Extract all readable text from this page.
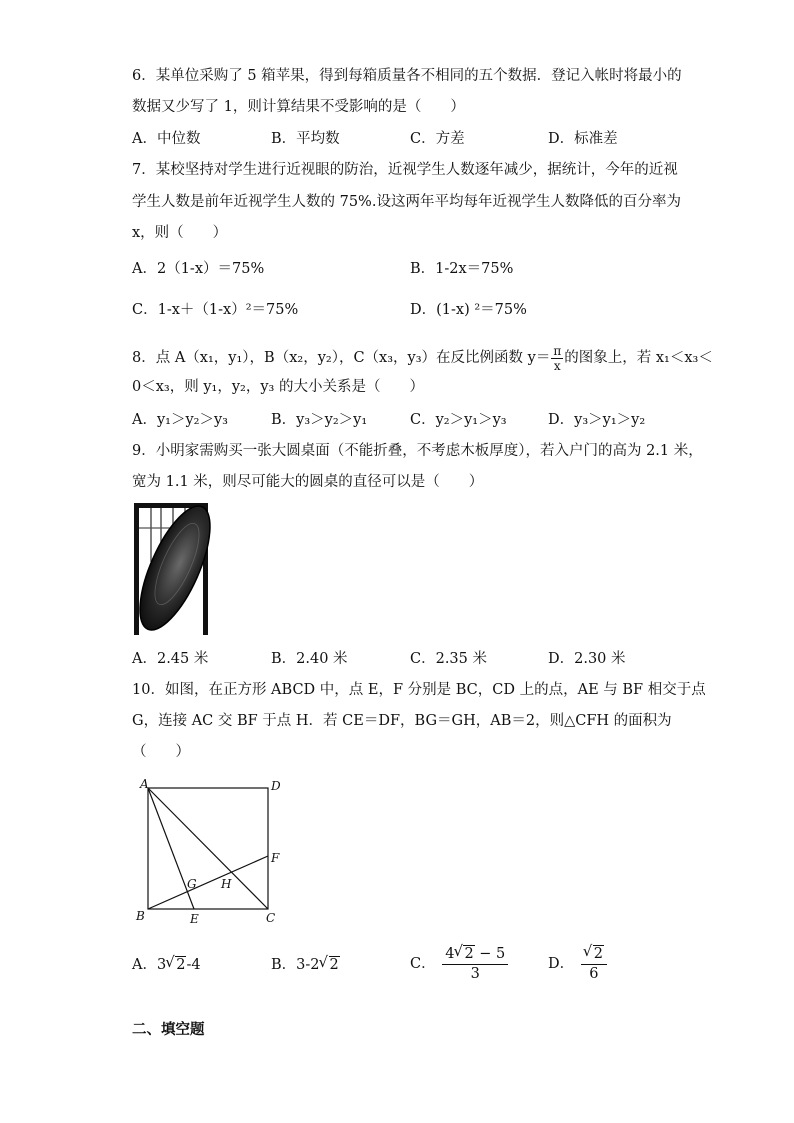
6．某单位采购了 5 箱苹果，得到每箱质量各不相同的五个数据．登记入帐时将最小的
数据又少写了 1，则计算结果不受影响的是（　　）
A．中位数	B．平均数	C．方差	D．标准差
7．某校坚持对学生进行近视眼的防治，近视学生人数逐年减少，据统计，今年的近视
学生人数是前年近视学生人数的 75%.设这两年平均每年近视学生人数降低的百分率为
x，则（　　）
A．2（1-x）＝75%	B．1-2x＝75%
C．1-x＋（1-x）²＝75%	D．(1-x) ²＝75%
8．点 A（x₁，y₁），B（x₂，y₂），C（x₃，y₃）在反比例函数 $y= \frac{\pi}{x}$ 的图象上，若 x₁＜x₃＜
0＜x₃，则 y₁，y₂，y₃ 的大小关系是（　　）
A．y₁＞y₂＞y₃	B．y₃＞y₂＞y₁	C．y₂＞y₁＞y₃	D．y₃＞y₁＞y₂
9．小明家需购买一张大圆桌面（不能折叠，不考虑木板厚度），若入户门的高为 2.1 米，
宽为 1.1 米，则尽可能大的圆桌的直径可以是（　　）
A．2.45 米	B．2.40 米	C．2.35 米	D．2.30 米
10．如图，在正方形 ABCD 中，点 E，F 分别是 BC，CD 上的点，AE 与 BF 相交于点
G，连接 AC 交 BF 于点 H．若 CE＝DF，BG＝GH，AB＝2，则△CFH 的面积为
（　　）
A	D
B	C
E
F
G H
A．3 √ 2-4	B．3-2 √ 2	C． $\frac{4 √ 2 - 5}{3}$	D． √ $\frac{2}{6}$
二、填空题
